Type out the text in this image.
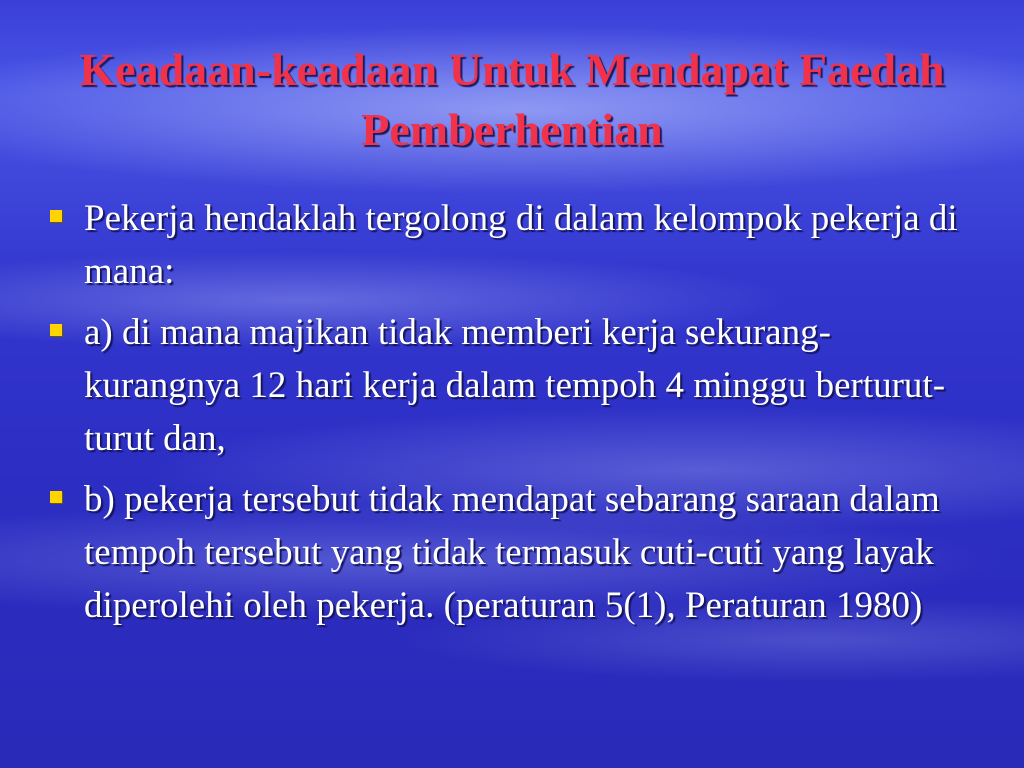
Keadaan-keadaan Untuk Mendapat Faedah Pemberhentian
Pekerja hendaklah tergolong di dalam kelompok pekerja di mana:
a) di mana majikan tidak memberi kerja sekurang-kurangnya 12 hari kerja dalam tempoh 4 minggu berturut-turut dan,
b) pekerja tersebut tidak mendapat sebarang saraan dalam tempoh tersebut yang tidak termasuk cuti-cuti yang layak diperolehi oleh pekerja. (peraturan 5(1), Peraturan 1980)
